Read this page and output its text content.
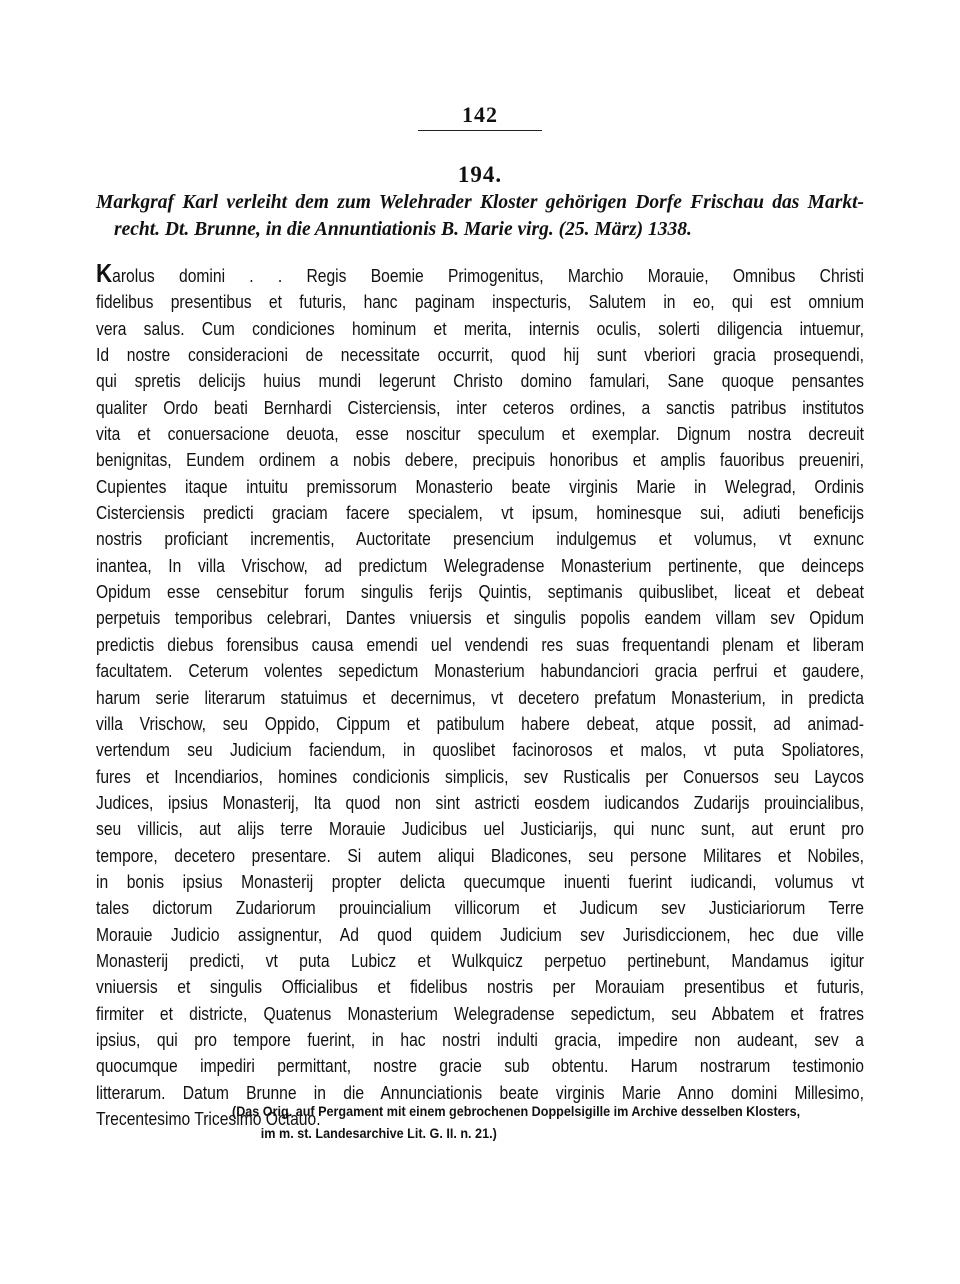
142
194.
Markgraf Karl verleiht dem zum Welehrader Kloster gehörigen Dorfe Frischau das Markt-
recht. Dt. Brunne, in die Annuntiationis B. Marie virg. (25. März) 1338.
Karolus domini . . Regis Boemie Primogenitus, Marchio Morauie, Omnibus Christi
fidelibus presentibus et futuris, hanc paginam inspecturis, Salutem in eo, qui est omnium
vera salus. Cum condiciones hominum et merita, internis oculis, solerti diligencia intuemur,
Id nostre consideracioni de necessitate occurrit, quod hij sunt vberiori gracia prosequendi,
qui spretis delicijs huius mundi legerunt Christo domino famulari, Sane quoque pensantes
qualiter Ordo beati Bernhardi Cisterciensis, inter ceteros ordines, a sanctis patribus institutos
vita et conuersacione deuota, esse noscitur speculum et exemplar. Dignum nostra decreuit
benignitas, Eundem ordinem a nobis debere, precipuis honoribus et amplis fauoribus preueniri,
Cupientes itaque intuitu premissorum Monasterio beate virginis Marie in Welegrad, Ordinis
Cisterciensis predicti graciam facere specialem, vt ipsum, hominesque sui, adiuti beneficijs
nostris proficiant incrementis, Auctoritate presencium indulgemus et volumus, vt exnunc
inantea, In villa Vrischow, ad predictum Welegradense Monasterium pertinente, que deinceps
Opidum esse censebitur forum singulis ferijs Quintis, septimanis quibuslibet, liceat et debeat
perpetuis temporibus celebrari, Dantes vniuersis et singulis popolis eandem villam sev Opidum
predictis diebus forensibus causa emendi uel vendendi res suas frequentandi plenam et liberam
facultatem. Ceterum volentes sepedictum Monasterium habundanciori gracia perfrui et gaudere,
harum serie literarum statuimus et decernimus, vt decetero prefatum Monasterium, in predicta
villa Vrischow, seu Oppido, Cippum et patibulum habere debeat, atque possit, ad animad-
vertendum seu Judicium faciendum, in quoslibet facinorosos et malos, vt puta Spoliatores,
fures et Incendiarios, homines condicionis simplicis, sev Rusticalis per Conuersos seu Laycos
Judices, ipsius Monasterij, Ita quod non sint astricti eosdem iudicandos Zudarijs prouincialibus,
seu villicis, aut alijs terre Morauie Judicibus uel Justiciarijs, qui nunc sunt, aut erunt pro
tempore, decetero presentare. Si autem aliqui Bladicones, seu persone Militares et Nobiles,
in bonis ipsius Monasterij propter delicta quecumque inuenti fuerint iudicandi, volumus vt
tales dictorum Zudariorum prouincialium villicorum et Judicum sev Justiciariorum Terre
Morauie Judicio assignentur, Ad quod quidem Judicium sev Jurisdiccionem, hec due ville
Monasterij predicti, vt puta Lubicz et Wulkquicz perpetuo pertinebunt, Mandamus igitur
vniuersis et singulis Officialibus et fidelibus nostris per Morauiam presentibus et futuris,
firmiter et districte, Quatenus Monasterium Welegradense sepedictum, seu Abbatem et fratres
ipsius, qui pro tempore fuerint, in hac nostri indulti gracia, impedire non audeant, sev a
quocumque impediri permittant, nostre gracie sub obtentu. Harum nostrarum testimonio
litterarum. Datum Brunne in die Annunciationis beate virginis Marie Anno domini Millesimo,
Trecentesimo Tricesimo Octauo.
(Das Orig. auf Pergament mit einem gebrochenen Doppelsigille im Archive desselben Klosters,
im m. st. Landesarchive Lit. G. II. n. 21.)
